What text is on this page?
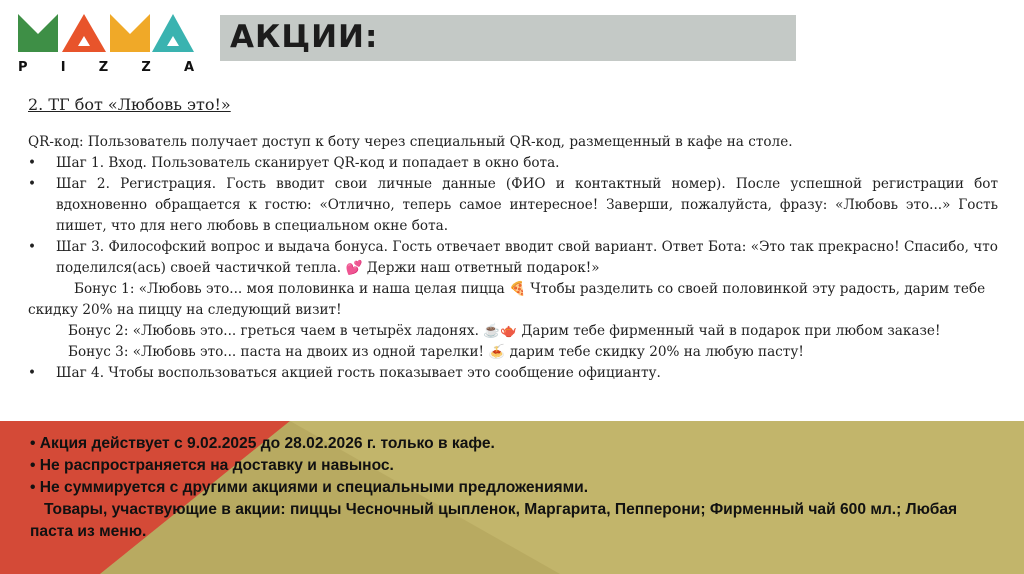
P	I	Z	Z	A
АКЦИИ:
2. ТГ бот «Любовь это!»

QR-код: Пользователь получает доступ к боту через специальный QR-код, размещенный в кафе на столе.

•	Шаг 1. Вход. Пользователь сканирует QR-код и попадает в окно бота.
•	Шаг 2. Регистрация. Гость вводит свои личные данные (ФИО и контактный номер). После успешной регистрации бот вдохновенно обращается к гостю: «Отлично, теперь самое интересное! Заверши, пожалуйста, фразу: «Любовь это...» Гость пишет, что для него любовь в специальном окне бота.
•	Шаг 3. Философский вопрос и выдача бонуса. Гость отвечает вводит свой вариант. Ответ Бота: «Это так прекрасно! Спасибо, что поделился(ась) своей частичкой тепла. 💕 Держи наш ответный подарок!»

Бонус 1: «Любовь это... моя половинка и наша целая пицца 🍕 Чтобы разделить со своей половинкой эту радость, дарим тебе скидку 20% на пиццу на следующий визит!

Бонус 2: «Любовь это... греться чаем в четырёх ладонях. ☕🫖 Дарим тебе фирменный чай в подарок при любом заказе!

Бонус 3: «Любовь это... паста на двоих из одной тарелки! 🍝 дарим тебе скидку 20% на любую пасту!

•	Шаг 4. Чтобы воспользоваться акцией гость показывает это сообщение официанту.

• Акция действует с 9.02.2025 до 28.02.2026 г. только в кафе.

• Не распространяется на доставку и навынос.

• Не суммируется с другими акциями и специальными предложениями.

Товары, участвующие в акции: пиццы Чесночный цыпленок, Маргарита, Пепперони; Фирменный чай 600 мл.; Любая паста из меню.
